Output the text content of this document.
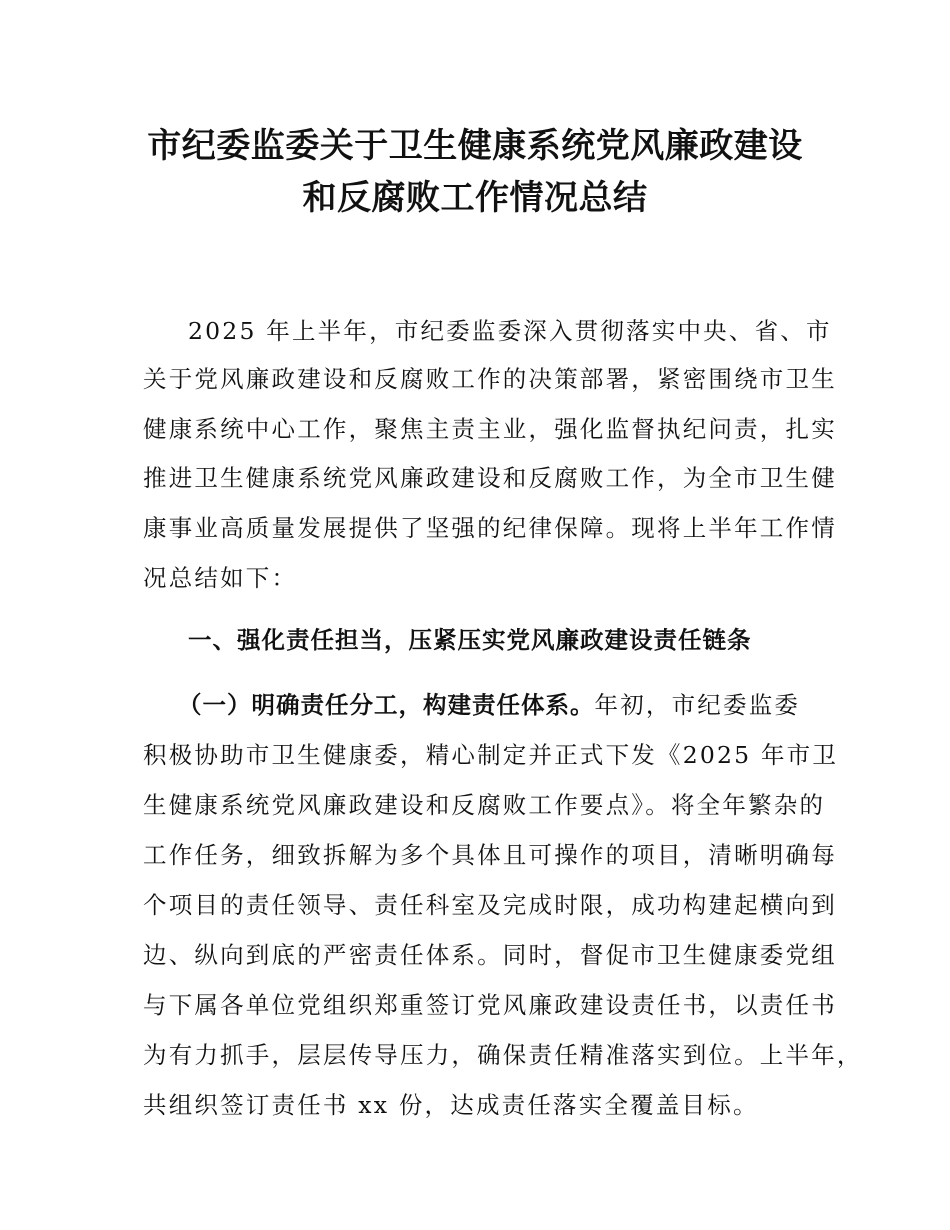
市纪委监委关于卫生健康系统党风廉政建设
和反腐败工作情况总结

2025 年上半年，市纪委监委深入贯彻落实中央、省、市

关于党风廉政建设和反腐败工作的决策部署，紧密围绕市卫生

健康系统中心工作，聚焦主责主业，强化监督执纪问责，扎实

推进卫生健康系统党风廉政建设和反腐败工作，为全市卫生健

康事业高质量发展提供了坚强的纪律保障。现将上半年工作情

况总结如下：

一、强化责任担当，压紧压实党风廉政建设责任链条

（一）明确责任分工，构建责任体系。年初，市纪委监委

积极协助市卫生健康委，精心制定并正式下发《2025 年市卫

生健康系统党风廉政建设和反腐败工作要点》。将全年繁杂的

工作任务，细致拆解为多个具体且可操作的项目，清晰明确每

个项目的责任领导、责任科室及完成时限，成功构建起横向到

边、纵向到底的严密责任体系。同时，督促市卫生健康委党组

与下属各单位党组织郑重签订党风廉政建设责任书，以责任书

为有力抓手，层层传导压力，确保责任精准落实到位。上半年，

共组织签订责任书 xx 份，达成责任落实全覆盖目标。
